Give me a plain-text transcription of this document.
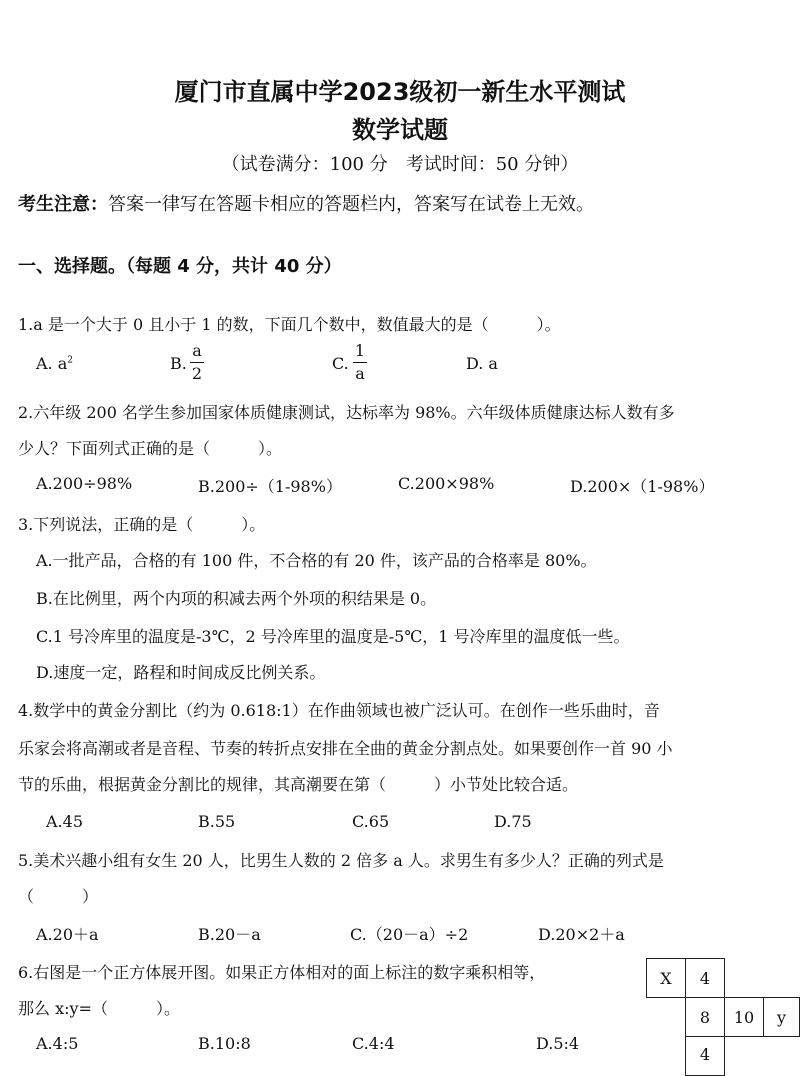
厦门市直属中学2023级初一新生水平测试
数学试题
（试卷满分：100 分　考试时间：50 分钟）
考生注意：答案一律写在答题卡相应的答题栏内，答案写在试卷上无效。
一、选择题。（每题 4 分，共计 40 分）
1.a 是一个大于 0 且小于 1 的数，下面几个数中，数值最大的是（　　　）。
A. $a^2$	B.
a
2
C.
1
a
D. a
2.六年级 200 名学生参加国家体质健康测试，达标率为 98%。六年级体质健康达标人数有多
少人？下面列式正确的是（　　　）。
A.200÷98%	B.200÷（1-98%）	C.200×98%	D.200×（1-98%）
3.下列说法，正确的是（　　　）。
A.一批产品，合格的有 100 件，不合格的有 20 件，该产品的合格率是 80%。
B.在比例里，两个内项的积减去两个外项的积结果是 0。
C.1 号冷库里的温度是-3℃，2 号冷库里的温度是-5℃，1 号冷库里的温度低一些。
D.速度一定，路程和时间成反比例关系。
4.数学中的黄金分割比（约为 0.618:1）在作曲领域也被广泛认可。在创作一些乐曲时，音
乐家会将高潮或者是音程、节奏的转折点安排在全曲的黄金分割点处。如果要创作一首 90 小
节的乐曲，根据黄金分割比的规律，其高潮要在第（　　　）小节处比较合适。
A.45	B.55	C.65	D.75
5.美术兴趣小组有女生 20 人，比男生人数的 2 倍多 a 人。求男生有多少人？正确的列式是
（　　　）
A.20＋a	B.20－a	C.（20－a）÷2	D.20×2＋a
6.右图是一个正方体展开图。如果正方体相对的面上标注的数字乘积相等，
那么 x:y=（　　　）。
A.4:5	B.10:8	C.4:4	D.5:4
X	4
8	10	y
4
